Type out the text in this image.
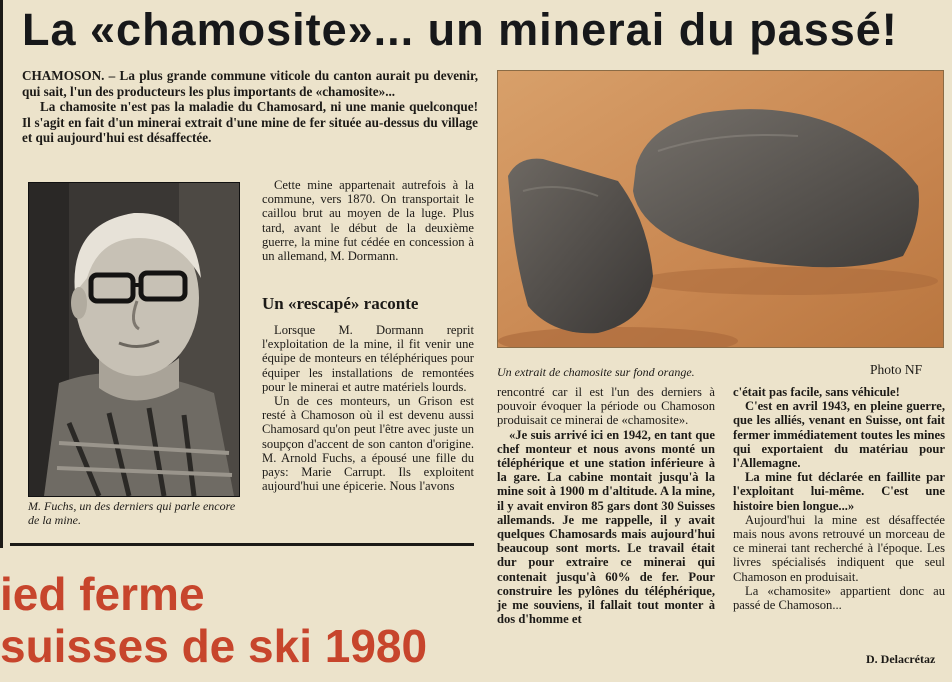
La «chamosite»... un minerai du passé!

CHAMOSON. – La plus grande commune viticole du canton aurait pu devenir, qui sait, l'un des producteurs les plus importants de «chamosite»...

La chamosite n'est pas la maladie du Chamosard, ni une manie quelconque! Il s'agit en fait d'un minerai extrait d'une mine de fer située au-dessus du village et qui aujourd'hui est désaffectée.

M. Fuchs, un des derniers qui parle encore de la mine.

Cette mine appartenait autrefois à la commune, vers 1870. On transportait le caillou brut au moyen de la luge. Plus tard, avant le début de la deuxième guerre, la mine fut cédée en concession à un allemand, M. Dormann.

Un «rescapé» raconte

Lorsque M. Dormann reprit l'exploitation de la mine, il fit venir une équipe de monteurs en téléphériques pour équiper les installations de remontées pour le minerai et autre matériels lourds.

Un de ces monteurs, un Grison est resté à Chamoson où il est devenu aussi Chamosard qu'on peut l'être avec juste un soupçon d'accent de son canton d'origine. M. Arnold Fuchs, a épousé une fille du pays: Marie Carrupt. Ils exploitent aujourd'hui une épicerie. Nous l'avons

Un extrait de chamosite sur fond orange.	Photo NF

rencontré car il est l'un des derniers à pouvoir évoquer la période ou Chamoson produisait ce minerai de «chamosite».

«Je suis arrivé ici en 1942, en tant que chef monteur et nous avons monté un téléphérique et une station inférieure à la gare. La cabine montait jusqu'à la mine soit à 1900 m d'altitude. A la mine, il y avait environ 85 gars dont 30 Suisses allemands. Je me rappelle, il y avait quelques Chamosards mais aujourd'hui beaucoup sont morts. Le travail était dur pour extraire ce minerai qui contenait jusqu'à 60% de fer. Pour construire les pylônes du téléphérique, je me souviens, il fallait tout monter à dos d'homme et

c'était pas facile, sans véhicule!

C'est en avril 1943, en pleine guerre, que les alliés, venant en Suisse, ont fait fermer immédiatement toutes les mines qui exportaient du matériau pour l'Allemagne.

La mine fut déclarée en faillite par l'exploitant lui-même. C'est une histoire bien longue...»

Aujourd'hui la mine est désaffectée mais nous avons retrouvé un morceau de ce minerai tant recherché à l'époque. Les livres spécialisés indiquent que seul Chamoson en produisait.

La «chamosite» appartient donc au passé de Chamoson...

D. Delacrétaz
ied ferme
suisses de ski 1980
